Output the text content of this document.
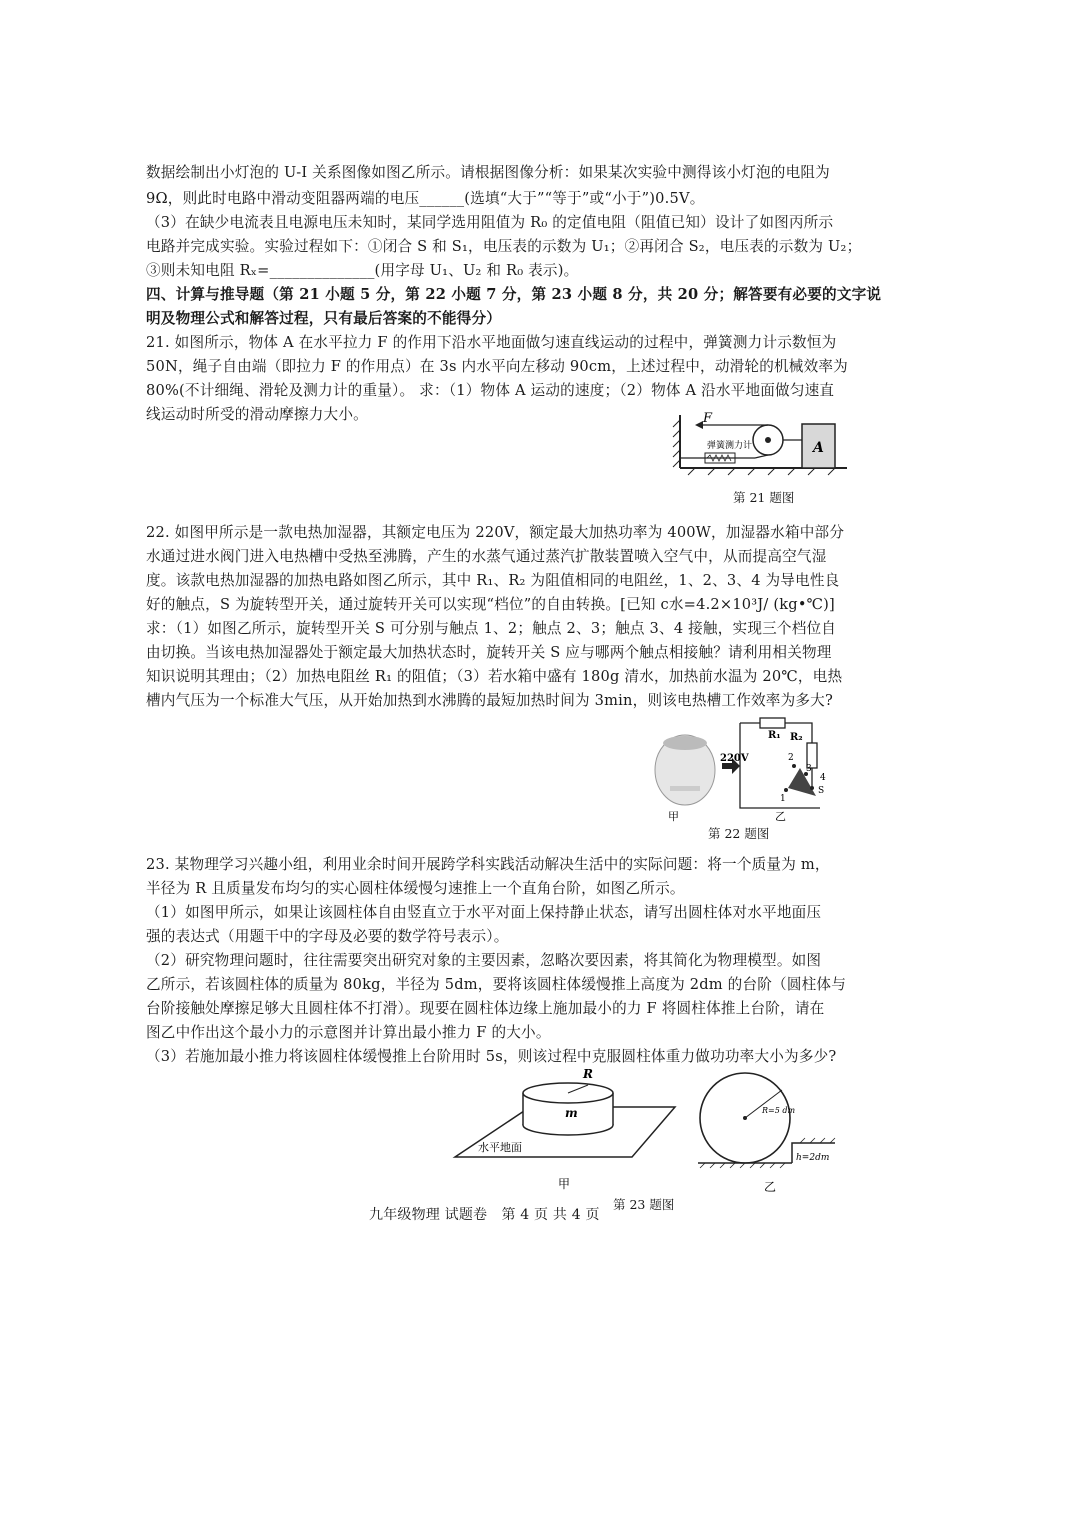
数据绘制出小灯泡的 U-I 关系图像如图乙所示。请根据图像分析：如果某次实验中测得该小灯泡的电阻为
9Ω，则此时电路中滑动变阻器两端的电压______(选填“大于”“等于”或“小于”)0.5V。
（3）在缺少电流表且电源电压未知时，某同学选用阻值为 R₀ 的定值电阻（阻值已知）设计了如图丙所示
电路并完成实验。实验过程如下：①闭合 S 和 S₁，电压表的示数为 U₁；②再闭合 S₂，电压表的示数为 U₂；
③则未知电阻 Rₓ=______________(用字母 U₁、U₂ 和 R₀ 表示)。
四、计算与推导题（第 21 小题 5 分，第 22 小题 7 分，第 23 小题 8 分，共 20 分；解答要有必要的文字说
明及物理公式和解答过程，只有最后答案的不能得分）
21. 如图所示，物体 A 在水平拉力 F 的作用下沿水平地面做匀速直线运动的过程中，弹簧测力计示数恒为
50N，绳子自由端（即拉力 F 的作用点）在 3s 内水平向左移动 90cm，上述过程中，动滑轮的机械效率为
80%(不计细绳、滑轮及测力计的重量）。 求：（1）物体 A 运动的速度；（2）物体 A 沿水平地面做匀速直
线运动时所受的滑动摩擦力大小。
22. 如图甲所示是一款电热加湿器，其额定电压为 220V，额定最大加热功率为 400W，加湿器水箱中部分
水通过进水阀门进入电热槽中受热至沸腾，产生的水蒸气通过蒸汽扩散装置喷入空气中，从而提高空气湿
度。该款电热加湿器的加热电路如图乙所示，其中 R₁、R₂ 为阻值相同的电阻丝，1、2、3、4 为导电性良
好的触点，S 为旋转型开关，通过旋转开关可以实现“档位”的自由转换。[已知 c水=4.2×10³J/ (kg•℃)]
求：（1）如图乙所示，旋转型开关 S 可分别与触点 1、2；触点 2、3；触点 3、4 接触，实现三个档位自
由切换。当该电热加湿器处于额定最大加热状态时，旋转开关 S 应与哪两个触点相接触？请利用相关物理
知识说明其理由；（2）加热电阻丝 R₁ 的阻值；（3）若水箱中盛有 180g 清水，加热前水温为 20℃，电热
槽内气压为一个标准大气压，从开始加热到水沸腾的最短加热时间为 3min，则该电热槽工作效率为多大?
23. 某物理学习兴趣小组，利用业余时间开展跨学科实践活动解决生活中的实际问题：将一个质量为 m，
半径为 R 且质量发布均匀的实心圆柱体缓慢匀速推上一个直角台阶，如图乙所示。
（1）如图甲所示，如果让该圆柱体自由竖直立于水平对面上保持静止状态，请写出圆柱体对水平地面压
强的表达式（用题干中的字母及必要的数学符号表示）。
（2）研究物理问题时，往往需要突出研究对象的主要因素，忽略次要因素，将其简化为物理模型。如图
乙所示，若该圆柱体的质量为 80kg，半径为 5dm，要将该圆柱体缓慢推上高度为 2dm 的台阶（圆柱体与
台阶接触处摩擦足够大且圆柱体不打滑）。现要在圆柱体边缘上施加最小的力 F 将圆柱体推上台阶，请在
图乙中作出这个最小力的示意图并计算出最小推力 F 的大小。
（3）若施加最小推力将该圆柱体缓慢推上台阶用时 5s，则该过程中克服圆柱体重力做功功率大小为多少?
F
弹簧测力计	A
第 21 题图
220V
R₁ R₂
1
2
3
4
S
甲	乙
第 22 题图
R
m
水平地面
甲
R=5 dm
h=2dm
乙
第 23 题图
九年级物理 试题卷　第 4 页 共 4 页
